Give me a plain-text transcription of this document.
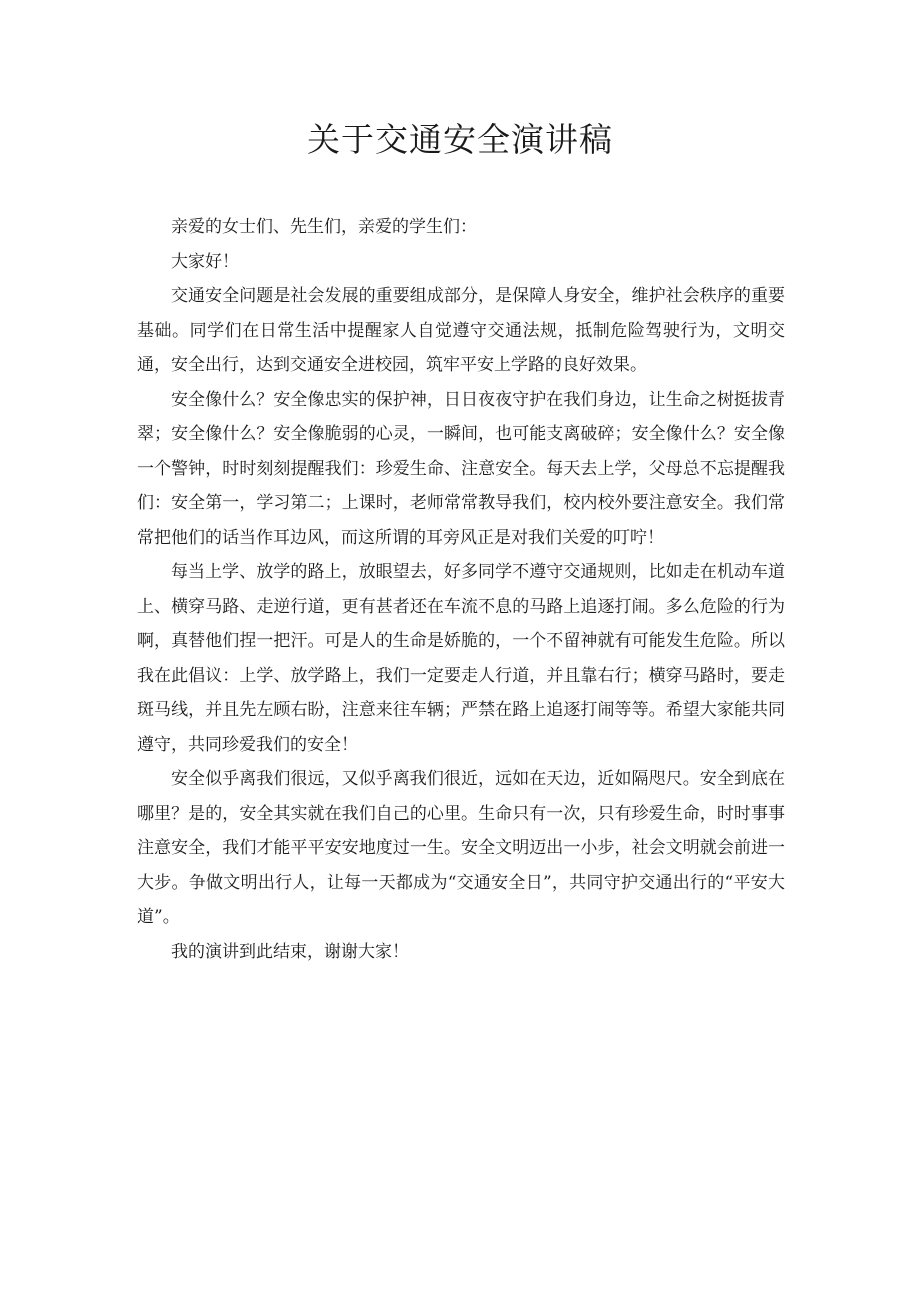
关于交通安全演讲稿

亲爱的女士们、先生们，亲爱的学生们：

大家好！

交通安全问题是社会发展的重要组成部分，是保障人身安全，维护社会秩序的重要基础。同学们在日常生活中提醒家人自觉遵守交通法规，抵制危险驾驶行为，文明交通，安全出行，达到交通安全进校园，筑牢平安上学路的良好效果。

安全像什么？安全像忠实的保护神，日日夜夜守护在我们身边，让生命之树挺拔青翠；安全像什么？安全像脆弱的心灵，一瞬间，也可能支离破碎；安全像什么？安全像一个警钟，时时刻刻提醒我们：珍爱生命、注意安全。每天去上学，父母总不忘提醒我们：安全第一，学习第二；上课时，老师常常教导我们，校内校外要注意安全。我们常常把他们的话当作耳边风，而这所谓的耳旁风正是对我们关爱的叮咛！

每当上学、放学的路上，放眼望去，好多同学不遵守交通规则，比如走在机动车道上、横穿马路、走逆行道，更有甚者还在车流不息的马路上追逐打闹。多么危险的行为啊，真替他们捏一把汗。可是人的生命是娇脆的，一个不留神就有可能发生危险。所以我在此倡议：上学、放学路上，我们一定要走人行道，并且靠右行；横穿马路时，要走斑马线，并且先左顾右盼，注意来往车辆；严禁在路上追逐打闹等等。希望大家能共同遵守，共同珍爱我们的安全！

安全似乎离我们很远，又似乎离我们很近，远如在天边，近如隔咫尺。安全到底在哪里？是的，安全其实就在我们自己的心里。生命只有一次，只有珍爱生命，时时事事注意安全，我们才能平平安安地度过一生。安全文明迈出一小步，社会文明就会前进一大步。争做文明出行人，让每一天都成为“交通安全日”，共同守护交通出行的“平安大道”。

我的演讲到此结束，谢谢大家！
